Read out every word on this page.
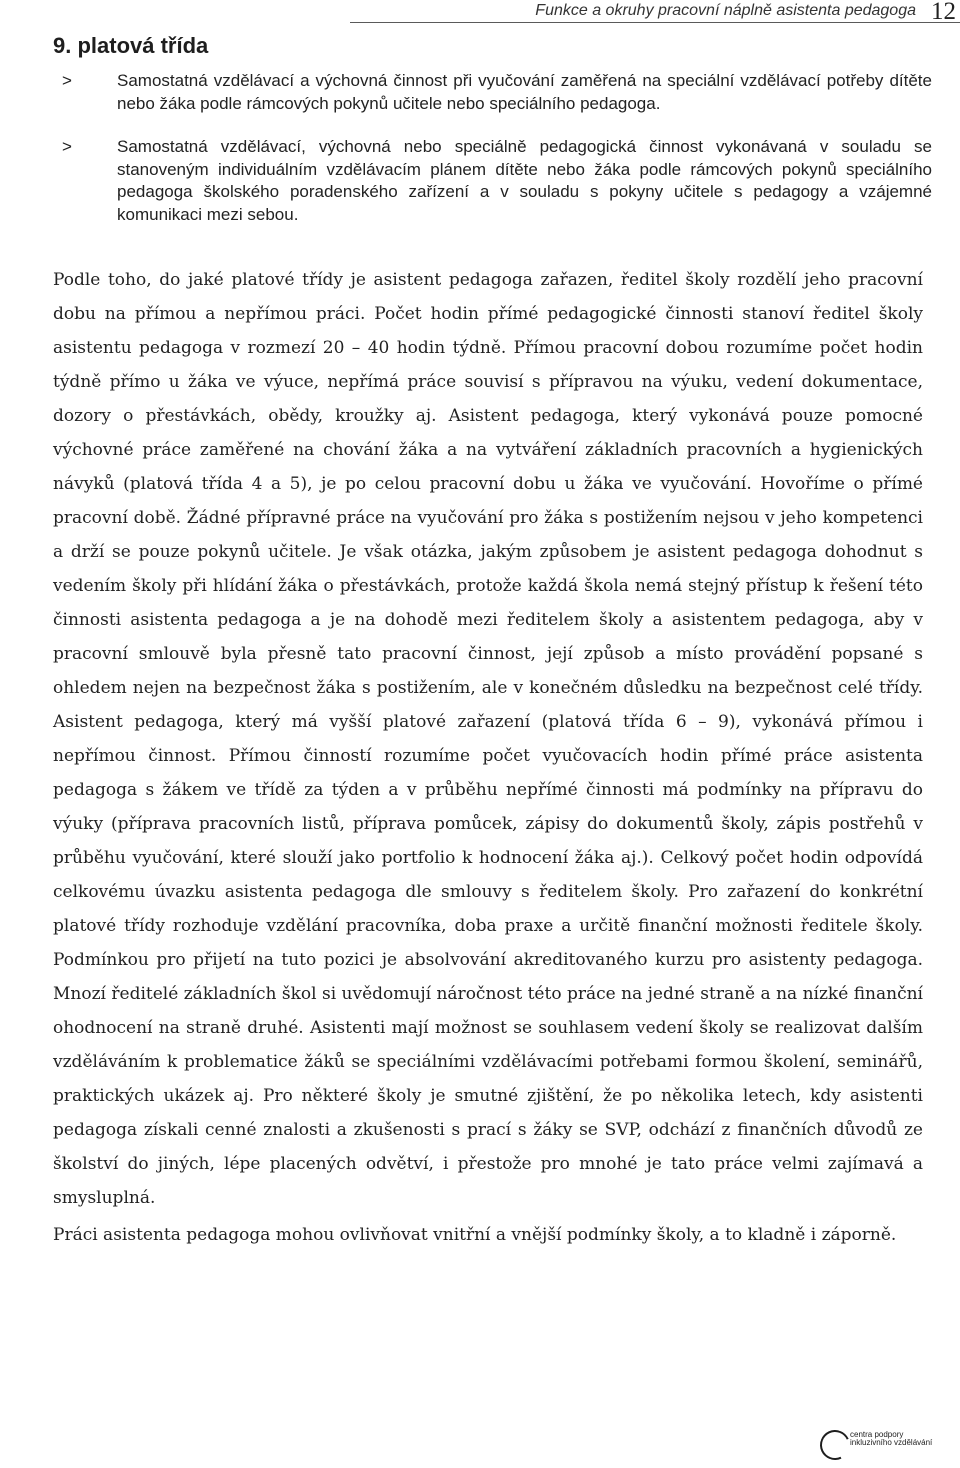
Funkce a okruhy pracovní náplně asistenta pedagoga 12
9. platová třída
>	Samostatná vzdělávací a výchovná činnost při vyučování zaměřená na speciální vzdělávací potřeby dítěte nebo žáka podle rámcových pokynů učitele nebo speciálního pedagoga.
>	Samostatná vzdělávací, výchovná nebo speciálně pedagogická činnost vykonávaná v souladu se stanoveným individuálním vzdělávacím plánem dítěte nebo žáka podle rámcových pokynů speciálního pedagoga školského poradenského zařízení a v souladu s pokyny učitele s pedagogy a vzájemné komunikaci mezi sebou.

Podle toho, do jaké platové třídy je asistent pedagoga zařazen, ředitel školy rozdělí jeho pracovní dobu na přímou a nepřímou práci. Počet hodin přímé pedagogické činnosti stanoví ředitel školy asistentu pedagoga v rozmezí 20 – 40 hodin týdně. Přímou pracovní dobou rozumíme počet hodin týdně přímo u žáka ve výuce, nepřímá práce souvisí s přípravou na výuku, vedení dokumentace, dozory o přestávkách, obědy, kroužky aj. Asistent pedagoga, který vykonává pouze pomocné výchovné práce zaměřené na chování žáka a na vytváření základních pracovních a hygienických návyků (platová třída 4 a 5), je po celou pracovní dobu u žáka ve vyučování. Hovoříme o přímé pracovní době. Žádné přípravné práce na vyučování pro žáka s postižením nejsou v jeho kompetenci a drží se pouze pokynů učitele. Je však otázka, jakým způsobem je asistent pedagoga dohodnut s vedením školy při hlídání žáka o přestávkách, protože každá škola nemá stejný přístup k řešení této činnosti asistenta pedagoga a je na dohodě mezi ředitelem školy a asistentem pedagoga, aby v pracovní smlouvě byla přesně tato pracovní činnost, její způsob a místo provádění popsané s ohledem nejen na bezpečnost žáka s postižením, ale v konečném důsledku na bezpečnost celé třídy. Asistent pedagoga, který má vyšší platové zařazení (platová třída 6 – 9), vykonává přímou i nepřímou činnost. Přímou činností rozumíme počet vyučovacích hodin přímé práce asistenta pedagoga s žákem ve třídě za týden a v průběhu nepřímé činnosti má podmínky na přípravu do výuky (příprava pracovních listů, příprava pomůcek, zápisy do dokumentů školy, zápis postřehů v průběhu vyučování, které slouží jako portfolio k hodnocení žáka aj.). Celkový počet hodin odpovídá celkovému úvazku asistenta pedagoga dle smlouvy s ředitelem školy. Pro zařazení do konkrétní platové třídy rozhoduje vzdělání pracovníka, doba praxe a určitě finanční možnosti ředitele školy. Podmínkou pro přijetí na tuto pozici je absolvování akreditovaného kurzu pro asistenty pedagoga. Mnozí ředitelé základních škol si uvědomují náročnost této práce na jedné straně a na nízké finanční ohodnocení na straně druhé. Asistenti mají možnost se souhlasem vedení školy se realizovat dalším vzděláváním k problematice žáků se speciálními vzdělávacími potřebami formou školení, seminářů, praktických ukázek aj. Pro některé školy je smutné zjištění, že po několika letech, kdy asistenti pedagoga získali cenné znalosti a zkušenosti s prací s žáky se SVP, odchází z finančních důvodů ze školství do jiných, lépe placených odvětví, i přestože pro mnohé je tato práce velmi zajímavá a smysluplná.

Práci asistenta pedagoga mohou ovlivňovat vnitřní a vnější podmínky školy, a to kladně i záporně.

centra podpory
inkluzivního vzdělávání
